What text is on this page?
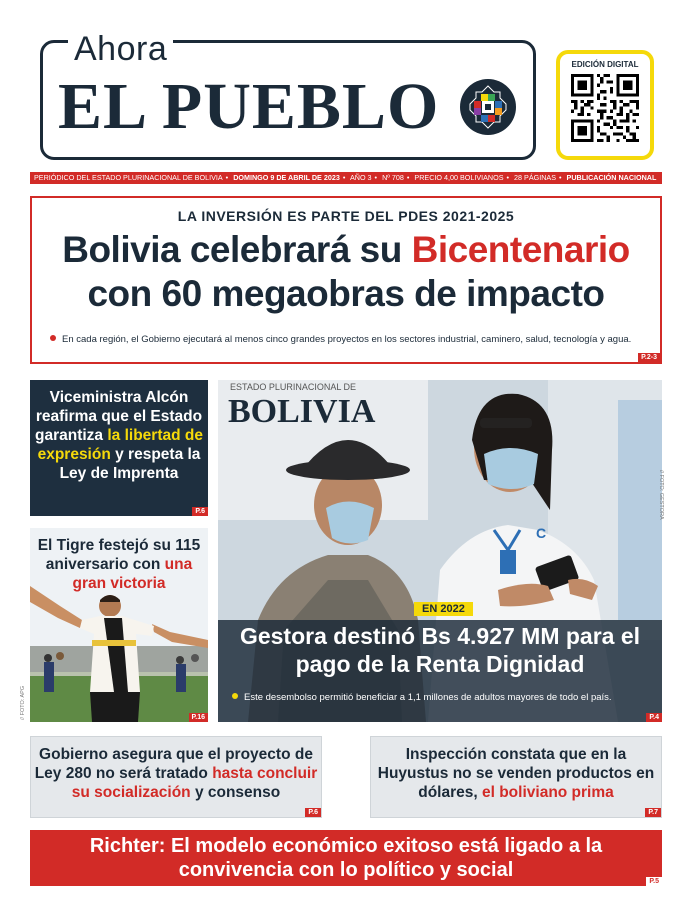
Ahora
EL PUEBLO
EDICIÓN DIGITAL
PERIÓDICO DEL ESTADO PLURINACIONAL DE BOLIVIA • DOMINGO 9 DE ABRIL DE 2023 • AÑO 3 • Nº 708 • PRECIO 4,00 BOLIVIANOS • 28 PÁGINAS • PUBLICACIÓN NACIONAL
LA INVERSIÓN ES PARTE DEL PDES 2021-2025
Bolivia celebrará su Bicentenario
con 60 megaobras de impacto
En cada región, el Gobierno ejecutará al menos cinco grandes proyectos en los sectores industrial, caminero, salud, tecnología y agua.
P.2-3
Viceministra Alcón reafirma que el Estado garantiza la libertad de expresión y respeta la Ley de Imprenta
P.6
El Tigre festejó su 115 aniversario con una gran victoria
P.16
// FOTO: APG
C
ESTADO PLURINACIONAL DE
BOLIVIA
EN 2022
Gestora destinó Bs 4.927 MM para el pago de la Renta Dignidad
Este desembolso permitió beneficiar a 1,1 millones de adultos mayores de todo el país.
P.4
// FOTO: GESTORA
Gobierno asegura que el proyecto de Ley 280 no será tratado hasta concluir su socialización y consenso
P.6
Inspección constata que en la Huyustus no se venden productos en dólares, el boliviano prima
P.7
Richter: El modelo económico exitoso está ligado a la convivencia con lo político y social
P.5
